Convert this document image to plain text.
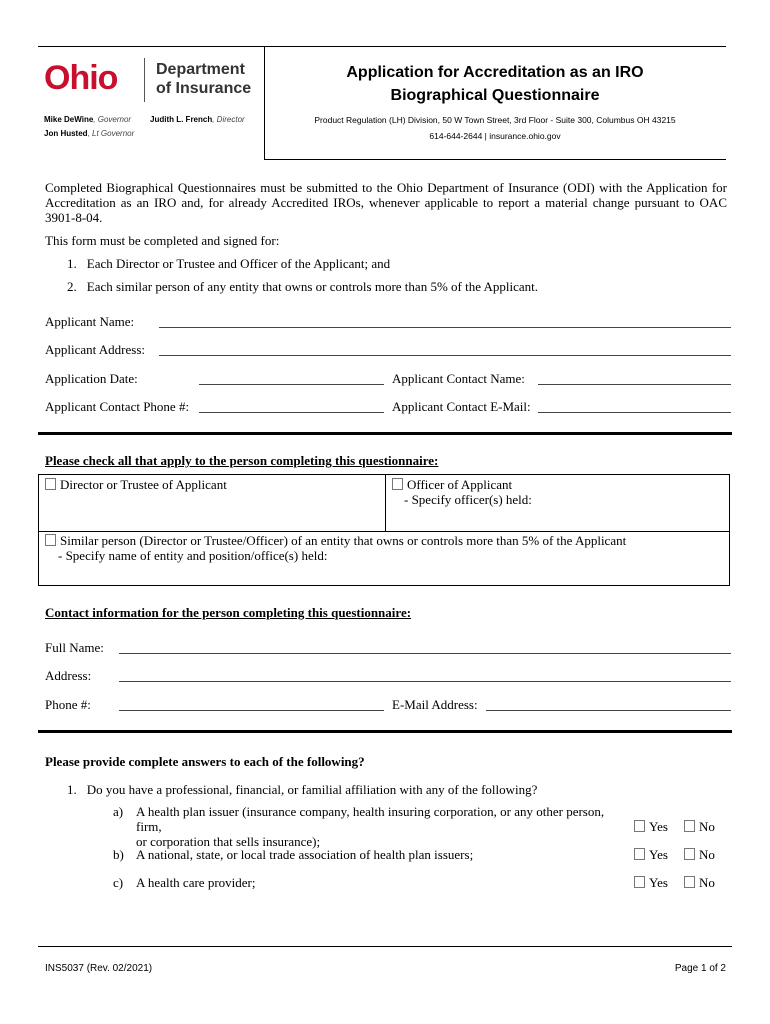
Ohio Department
of Insurance
Mike DeWine, Governor
Jon Husted, Lt Governor
Judith L. French, Director
Application for Accreditation as an IRO
Biographical Questionnaire
Product Regulation (LH) Division, 50 W Town Street, 3rd Floor - Suite 300, Columbus OH 43215
614-644-2644 | insurance.ohio.gov
Completed Biographical Questionnaires must be submitted to the Ohio Department of Insurance (ODI) with the Application for Accreditation as an IRO and, for already Accredited IROs, whenever applicable to report a material change pursuant to OAC 3901-8-04.
This form must be completed and signed for:
1. Each Director or Trustee and Officer of the Applicant; and
2. Each similar person of any entity that owns or controls more than 5% of the Applicant.
Applicant Name:
Applicant Address:
Application Date:	Applicant Contact Name:
Applicant Contact Phone #:	Applicant Contact E-Mail:
Please check all that apply to the person completing this questionnaire:
Director or Trustee of Applicant	Officer of Applicant
- Specify officer(s) held:
Similar person (Director or Trustee/Officer) of an entity that owns or controls more than 5% of the Applicant
- Specify name of entity and position/office(s) held:
Contact information for the person completing this questionnaire:
Full Name:
Address:
Phone #:	E-Mail Address:
Please provide complete answers to each of the following?
1. Do you have a professional, financial, or familial affiliation with any of the following?
a) A health plan issuer (insurance company, health insuring corporation, or any other person, firm,
or corporation that sells insurance);
Yes	No
b) A national, state, or local trade association of health plan issuers;	Yes	No
c) A health care provider;	Yes	No
INS5037 (Rev. 02/2021)	Page 1 of 2
